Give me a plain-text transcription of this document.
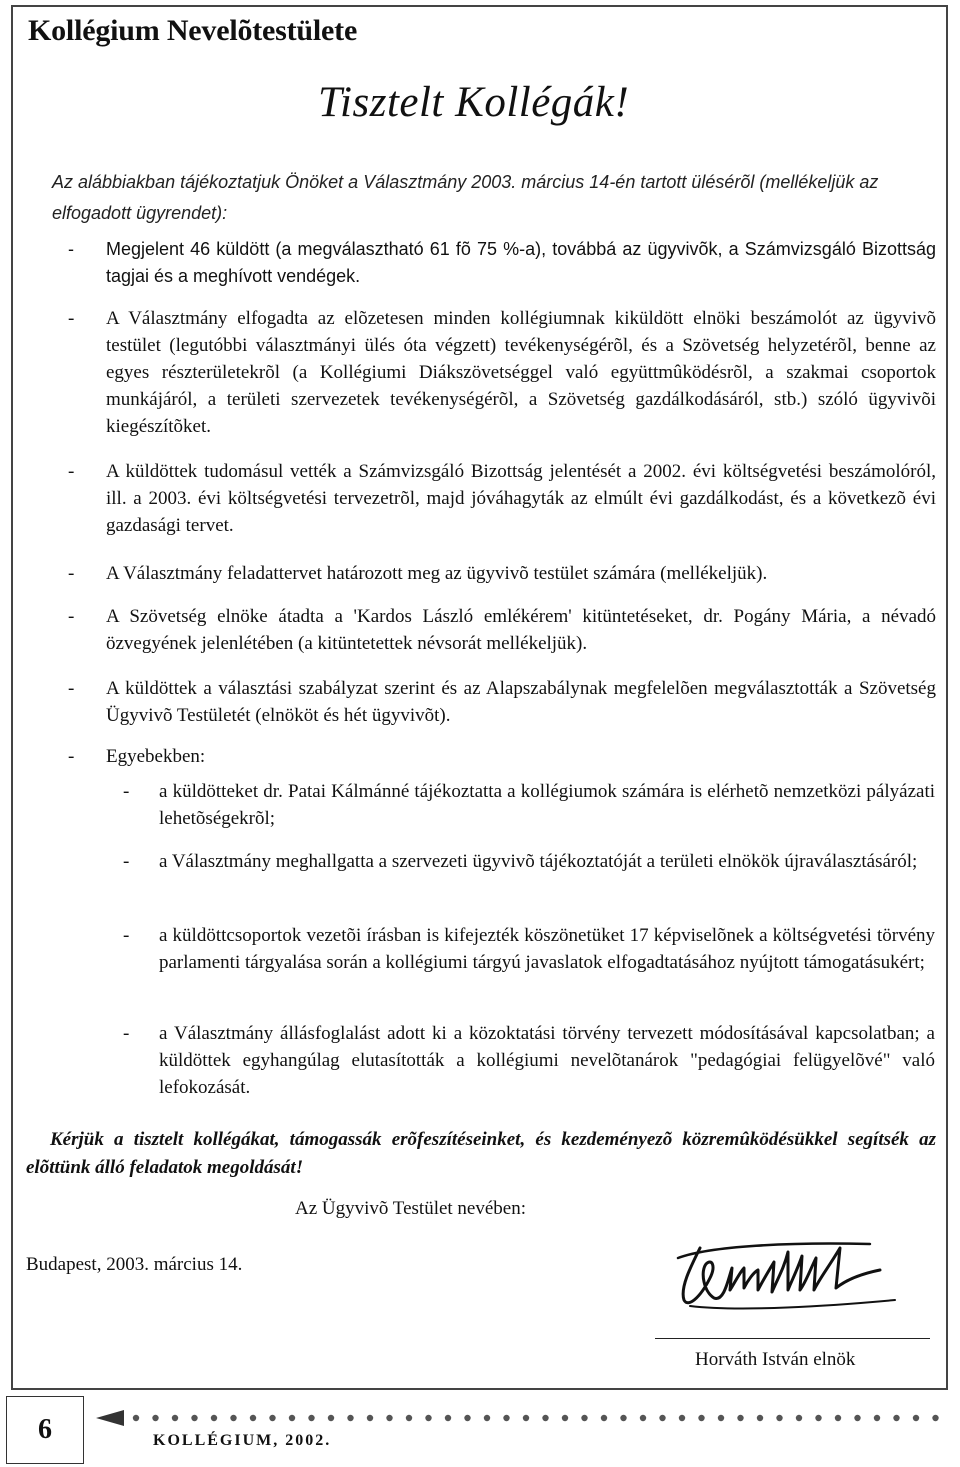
Kollégium Nevelõtestülete
Tisztelt Kollégák!
Az alábbiakban tájékoztatjuk Önöket a Választmány 2003. március 14-én tartott ülésérõl (mellékeljük az elfogadott ügyrendet):
- Megjelent 46 küldött (a megválasztható 61 fõ 75 %-a), továbbá az ügyvivõk, a Számvizsgáló Bizottság tagjai és a meghívott vendégek.
- A Választmány elfogadta az elõzetesen minden kollégiumnak kiküldött elnöki beszámolót az ügyvivõ testület (legutóbbi választmányi ülés óta végzett) tevékenységérõl, és a Szövetség helyzetérõl, benne az egyes részterületekrõl (a Kollégiumi Diákszövetséggel való együttmûködésrõl, a szakmai csoportok munkájáról, a területi szervezetek tevékenységérõl, a Szövetség gazdálkodásáról, stb.) szóló ügyvivõi kiegészítõket.
- A küldöttek tudomásul vették a Számvizsgáló Bizottság jelentését a 2002. évi költségvetési beszámolóról, ill. a 2003. évi költségvetési tervezetrõl, majd jóváhagyták az elmúlt évi gazdálkodást, és a következõ évi gazdasági tervet.
- A Választmány feladattervet határozott meg az ügyvivõ testület számára (mellékeljük).
- A Szövetség elnöke átadta a 'Kardos László emlékérem' kitüntetéseket, dr. Pogány Mária, a névadó özvegyének jelenlétében (a kitüntetettek névsorát mellékeljük).
- A küldöttek a választási szabályzat szerint és az Alapszabálynak megfelelõen megválasztották a Szövetség Ügyvivõ Testületét (elnököt és hét ügyvivõt).
- Egyebekben:
- a küldötteket dr. Patai Kálmánné tájékoztatta a kollégiumok számára is elérhetõ nemzetközi pályázati lehetõségekrõl;
- a Választmány meghallgatta a szervezeti ügyvivõ tájékoztatóját a területi elnökök újraválasztásáról;
- a küldöttcsoportok vezetõi írásban is kifejezték köszönetüket 17 képviselõnek a költségvetési törvény parlamenti tárgyalása során a kollégiumi tárgyú javaslatok elfogadtatásához nyújtott támogatásukért;
- a Választmány állásfoglalást adott ki a közoktatási törvény tervezett módosításával kapcsolatban; a küldöttek egyhangúlag elutasították a kollégiumi nevelõtanárok "pedagógiai felügyelõvé" való lefokozását.
Kérjük a tisztelt kollégákat, támogassák erõfeszítéseinket, és kezdeményezõ közremûködésükkel segítsék az elõttünk álló feladatok megoldását!
Az Ügyvivõ Testület nevében:
Budapest, 2003. március 14.
Horváth István elnök
6	KOLLÉGIUM, 2002.
